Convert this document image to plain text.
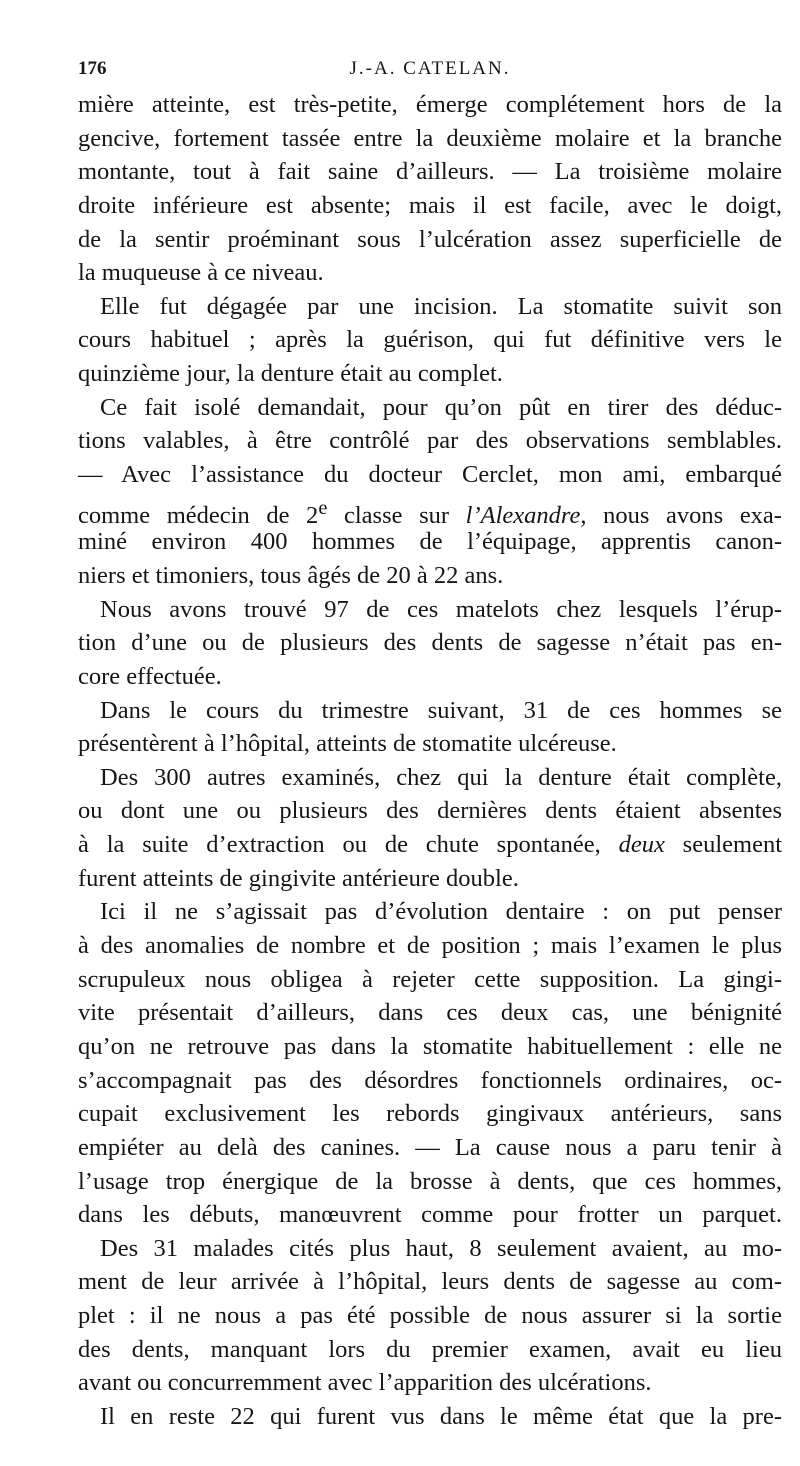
176	J.-A. CATELAN.
mière atteinte, est très-petite, émerge complétement hors de la
gencive, fortement tassée entre la deuxième molaire et la branche
montante, tout à fait saine d’ailleurs. — La troisième molaire
droite inférieure est absente; mais il est facile, avec le doigt,
de la sentir proéminant sous l’ulcération assez superficielle de
la muqueuse à ce niveau.
Elle fut dégagée par une incision. La stomatite suivit son
cours habituel ; après la guérison, qui fut définitive vers le
quinzième jour, la denture était au complet.
Ce fait isolé demandait, pour qu’on pût en tirer des déduc-
tions valables, à être contrôlé par des observations semblables.
— Avec l’assistance du docteur Cerclet, mon ami, embarqué
comme médecin de 2e classe sur l’Alexandre, nous avons exa-
miné environ 400 hommes de l’équipage, apprentis canon-
niers et timoniers, tous âgés de 20 à 22 ans.
Nous avons trouvé 97 de ces matelots chez lesquels l’érup-
tion d’une ou de plusieurs des dents de sagesse n’était pas en-
core effectuée.
Dans le cours du trimestre suivant, 31 de ces hommes se
présentèrent à l’hôpital, atteints de stomatite ulcéreuse.
Des 300 autres examinés, chez qui la denture était complète,
ou dont une ou plusieurs des dernières dents étaient absentes
à la suite d’extraction ou de chute spontanée, deux seulement
furent atteints de gingivite antérieure double.
Ici il ne s’agissait pas d’évolution dentaire : on put penser
à des anomalies de nombre et de position ; mais l’examen le plus
scrupuleux nous obligea à rejeter cette supposition. La gingi-
vite présentait d’ailleurs, dans ces deux cas, une bénignité
qu’on ne retrouve pas dans la stomatite habituellement : elle ne
s’accompagnait pas des désordres fonctionnels ordinaires, oc-
cupait exclusivement les rebords gingivaux antérieurs, sans
empiéter au delà des canines. — La cause nous a paru tenir à
l’usage trop énergique de la brosse à dents, que ces hommes,
dans les débuts, manœuvrent comme pour frotter un parquet.
Des 31 malades cités plus haut, 8 seulement avaient, au mo-
ment de leur arrivée à l’hôpital, leurs dents de sagesse au com-
plet : il ne nous a pas été possible de nous assurer si la sortie
des dents, manquant lors du premier examen, avait eu lieu
avant ou concurremment avec l’apparition des ulcérations.
Il en reste 22 qui furent vus dans le même état que la pre-
